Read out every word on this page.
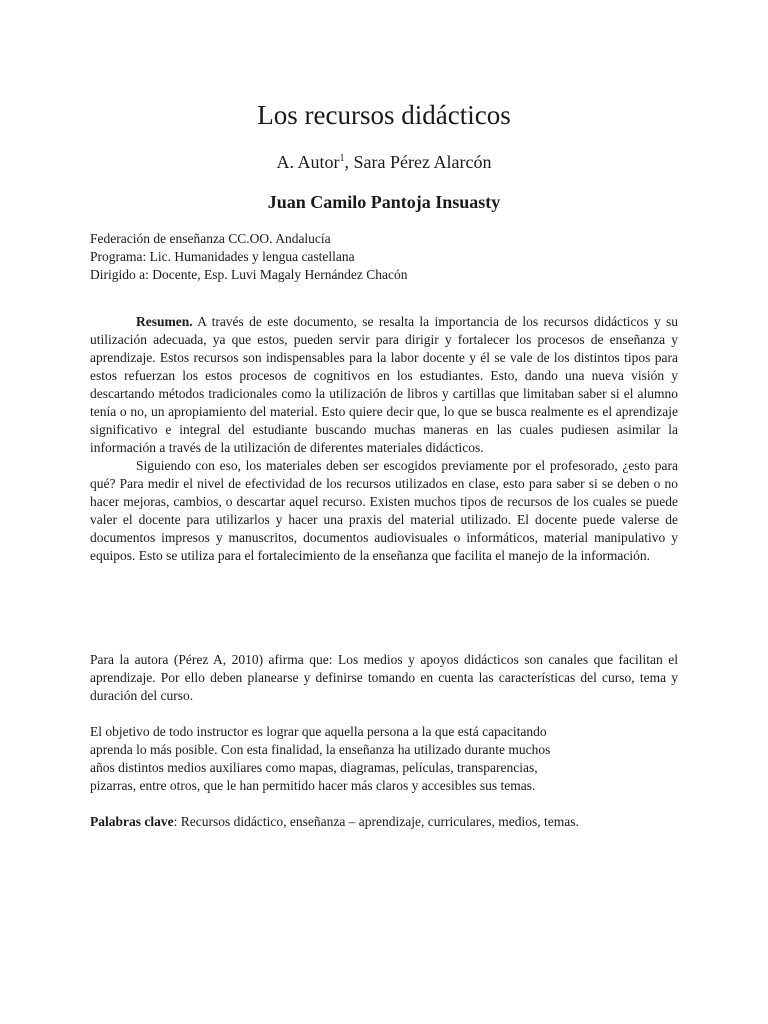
Los recursos didácticos
A. Autor$^1$, Sara Pérez Alarcón
Juan Camilo Pantoja Insuasty
Federación de enseñanza CC.OO. Andalucía
Programa: Lic. Humanidades y lengua castellana
Dirigido a: Docente, Esp. Luvi Magaly Hernández Chacón

Resumen. A través de este documento, se resalta la importancia de los recursos didácticos y su utilización adecuada, ya que estos, pueden servir para dirigir y fortalecer los procesos de enseñanza y aprendizaje. Estos recursos son indispensables para la labor docente y él se vale de los distintos tipos para estos refuerzan los estos procesos de cognitivos en los estudiantes. Esto, dando una nueva visión y descartando métodos tradicionales como la utilización de libros y cartillas que limitaban saber si el alumno tenía o no, un apropiamiento del material. Esto quiere decir que, lo que se busca realmente es el aprendizaje significativo e integral del estudiante buscando muchas maneras en las cuales pudiesen asimilar la información a través de la utilización de diferentes materiales didácticos.

Siguiendo con eso, los materiales deben ser escogidos previamente por el profesorado, ¿esto para qué? Para medir el nivel de efectividad de los recursos utilizados en clase, esto para saber si se deben o no hacer mejoras, cambios, o descartar aquel recurso. Existen muchos tipos de recursos de los cuales se puede valer el docente para utilizarlos y hacer una praxis del material utilizado. El docente puede valerse de documentos impresos y manuscritos, documentos audiovisuales o informáticos, material manipulativo y equipos. Esto se utiliza para el fortalecimiento de la enseñanza que facilita el manejo de la información.

Para la autora (Pérez A, 2010) afirma que: Los medios y apoyos didácticos son canales que facilitan el aprendizaje. Por ello deben planearse y definirse tomando en cuenta las características del curso, tema y duración del curso.

El objetivo de todo instructor es lograr que aquella persona a la que está capacitando
aprenda lo más posible. Con esta finalidad, la enseñanza ha utilizado durante muchos
años distintos medios auxiliares como mapas, diagramas, películas, transparencias,
pizarras, entre otros, que le han permitido hacer más claros y accesibles sus temas.

Palabras clave: Recursos didáctico, enseñanza – aprendizaje, curriculares, medios, temas.
